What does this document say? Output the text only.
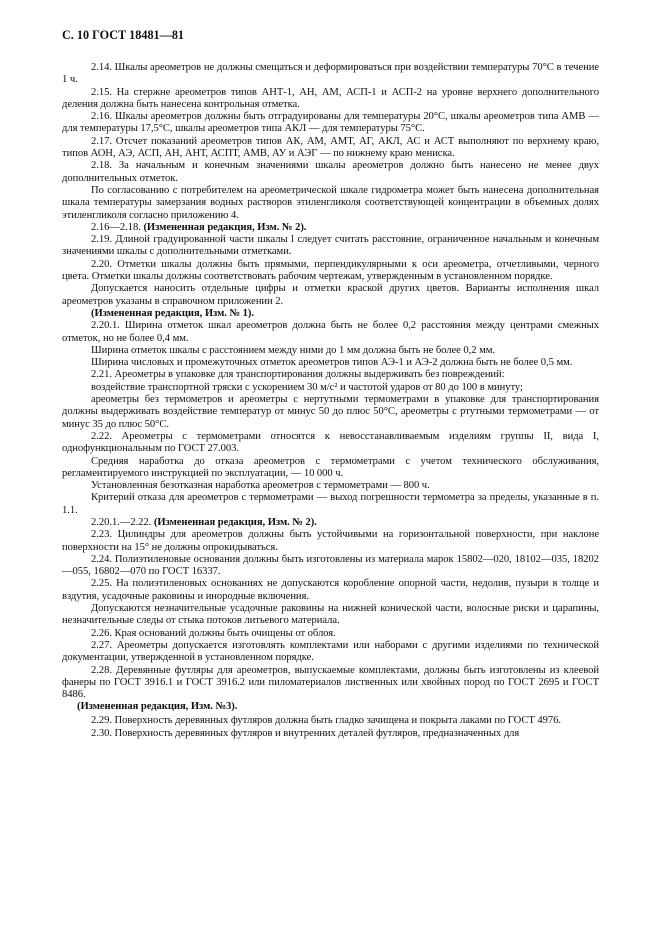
С. 10 ГОСТ 18481—81

2.14. Шкалы ареометров не должны смещаться и деформироваться при воздействии температуры 70°С в течение 1 ч.

2.15. На стержне ареометров типов АНТ-1, АН, AM, АСП-1 и АСП-2 на уровне верхнего дополнительного деления должна быть нанесена контрольная отметка.

2.16. Шкалы ареометров должны быть отградуированы для температуры 20°С, шкалы ареометров типа АМВ — для температуры 17,5°С, шкалы ареометров типа АКЛ — для температуры 75°С.

2.17. Отсчет показаний ареометров типов АК, AM, АМТ, АГ, АКЛ, АС и АСТ выполняют по верхнему краю, типов АОН, АЭ, АСП, АН, АНТ, АСПТ, АМВ, АУ и АЭГ — по нижнему краю мениска.

2.18. За начальным и конечным значениями шкалы ареометров должно быть нанесено не менее двух дополнительных отметок.

По согласованию с потребителем на ареометрической шкале гидрометра может быть нанесена дополнительная шкала температуры замерзания водных растворов этиленгликоля соответствующей концентрации в объемных долях этиленгликоля согласно приложению 4.

2.16—2.18. (Измененная редакция, Изм. № 2).

2.19. Длиной градуированной части шкалы l следует считать расстояние, ограниченное начальным и конечным значениями шкалы с дополнительными отметками.

2.20. Отметки шкалы должны быть прямыми, перпендикулярными к оси ареометра, отчетливыми, черного цвета. Отметки шкалы должны соответствовать рабочим чертежам, утвержденным в установленном порядке.

Допускается наносить отдельные цифры и отметки краской других цветов. Варианты исполнения шкал ареометров указаны в справочном приложении 2.

(Измененная редакция, Изм. № 1).

2.20.1. Ширина отметок шкал ареометров должна быть не более 0,2 расстояния между центрами смежных отметок, но не более 0,4 мм.

Ширина отметок шкалы с расстоянием между ними до 1 мм должна быть не более 0,2 мм.

Ширина числовых и промежуточных отметок ареометров типов АЭ-1 и АЭ-2 должна быть не более 0,5 мм.

2.21. Ареометры в упаковке для транспортирования должны выдерживать без повреждений:

воздействие транспортной тряски с ускорением 30 м/с² и частотой ударов от 80 до 100 в минуту;

ареометры без термометров и ареометры с нертутными термометрами в упаковке для транспортирования должны выдерживать воздействие температур от минус 50 до плюс 50°С, ареометры с ртутными термометрами — от минус 35 до плюс 50°С.

2.22. Ареометры с термометрами относятся к невосстанавливаемым изделиям группы II, вида I, однофункциональным по ГОСТ 27.003.

Средняя наработка до отказа ареометров с термометрами с учетом технического обслуживания, регламентируемого инструкцией по эксплуатации, — 10 000 ч.

Установленная безотказная наработка ареометров с термометрами — 800 ч.

Критерий отказа для ареометров с термометрами — выход погрешности термометра за пределы, указанные в п. 1.1.

2.20.1.—2.22. (Измененная редакция, Изм. № 2).

2.23. Цилиндры для ареометров должны быть устойчивыми на горизонтальной поверхности, при наклоне поверхности на 15° не должны опрокидываться.

2.24. Полиэтиленовые основания должны быть изготовлены из материала марок 15802—020, 18102—035, 18202—055, 16802—070 по ГОСТ 16337.

2.25. На полиэтиленовых основаниях не допускаются коробление опорной части, недолив, пузыри в толще и вздутия, усадочные раковины и инородные включения.

Допускаются незначительные усадочные раковины на нижней конической части, волосные риски и царапины, незначительные следы от стыка потоков литьевого материала.

2.26. Края оснований должны быть очищены от облоя.

2.27. Ареометры допускается изготовлять комплектами или наборами с другими изделиями по технической документации, утвержденной в установленном порядке.

2.28. Деревянные футляры для ареометров, выпускаемые комплектами, должны быть изготовлены из клеевой фанеры по ГОСТ 3916.1 и ГОСТ 3916.2 или пиломатериалов лиственных или хвойных пород по ГОСТ 2695 и ГОСТ 8486.

(Измененная редакция, Изм. №3).

2.29. Поверхность деревянных футляров должна быть гладко зачищена и покрыта лаками по ГОСТ 4976.

2.30. Поверхность деревянных футляров и внутренних деталей футляров, предназначенных для
